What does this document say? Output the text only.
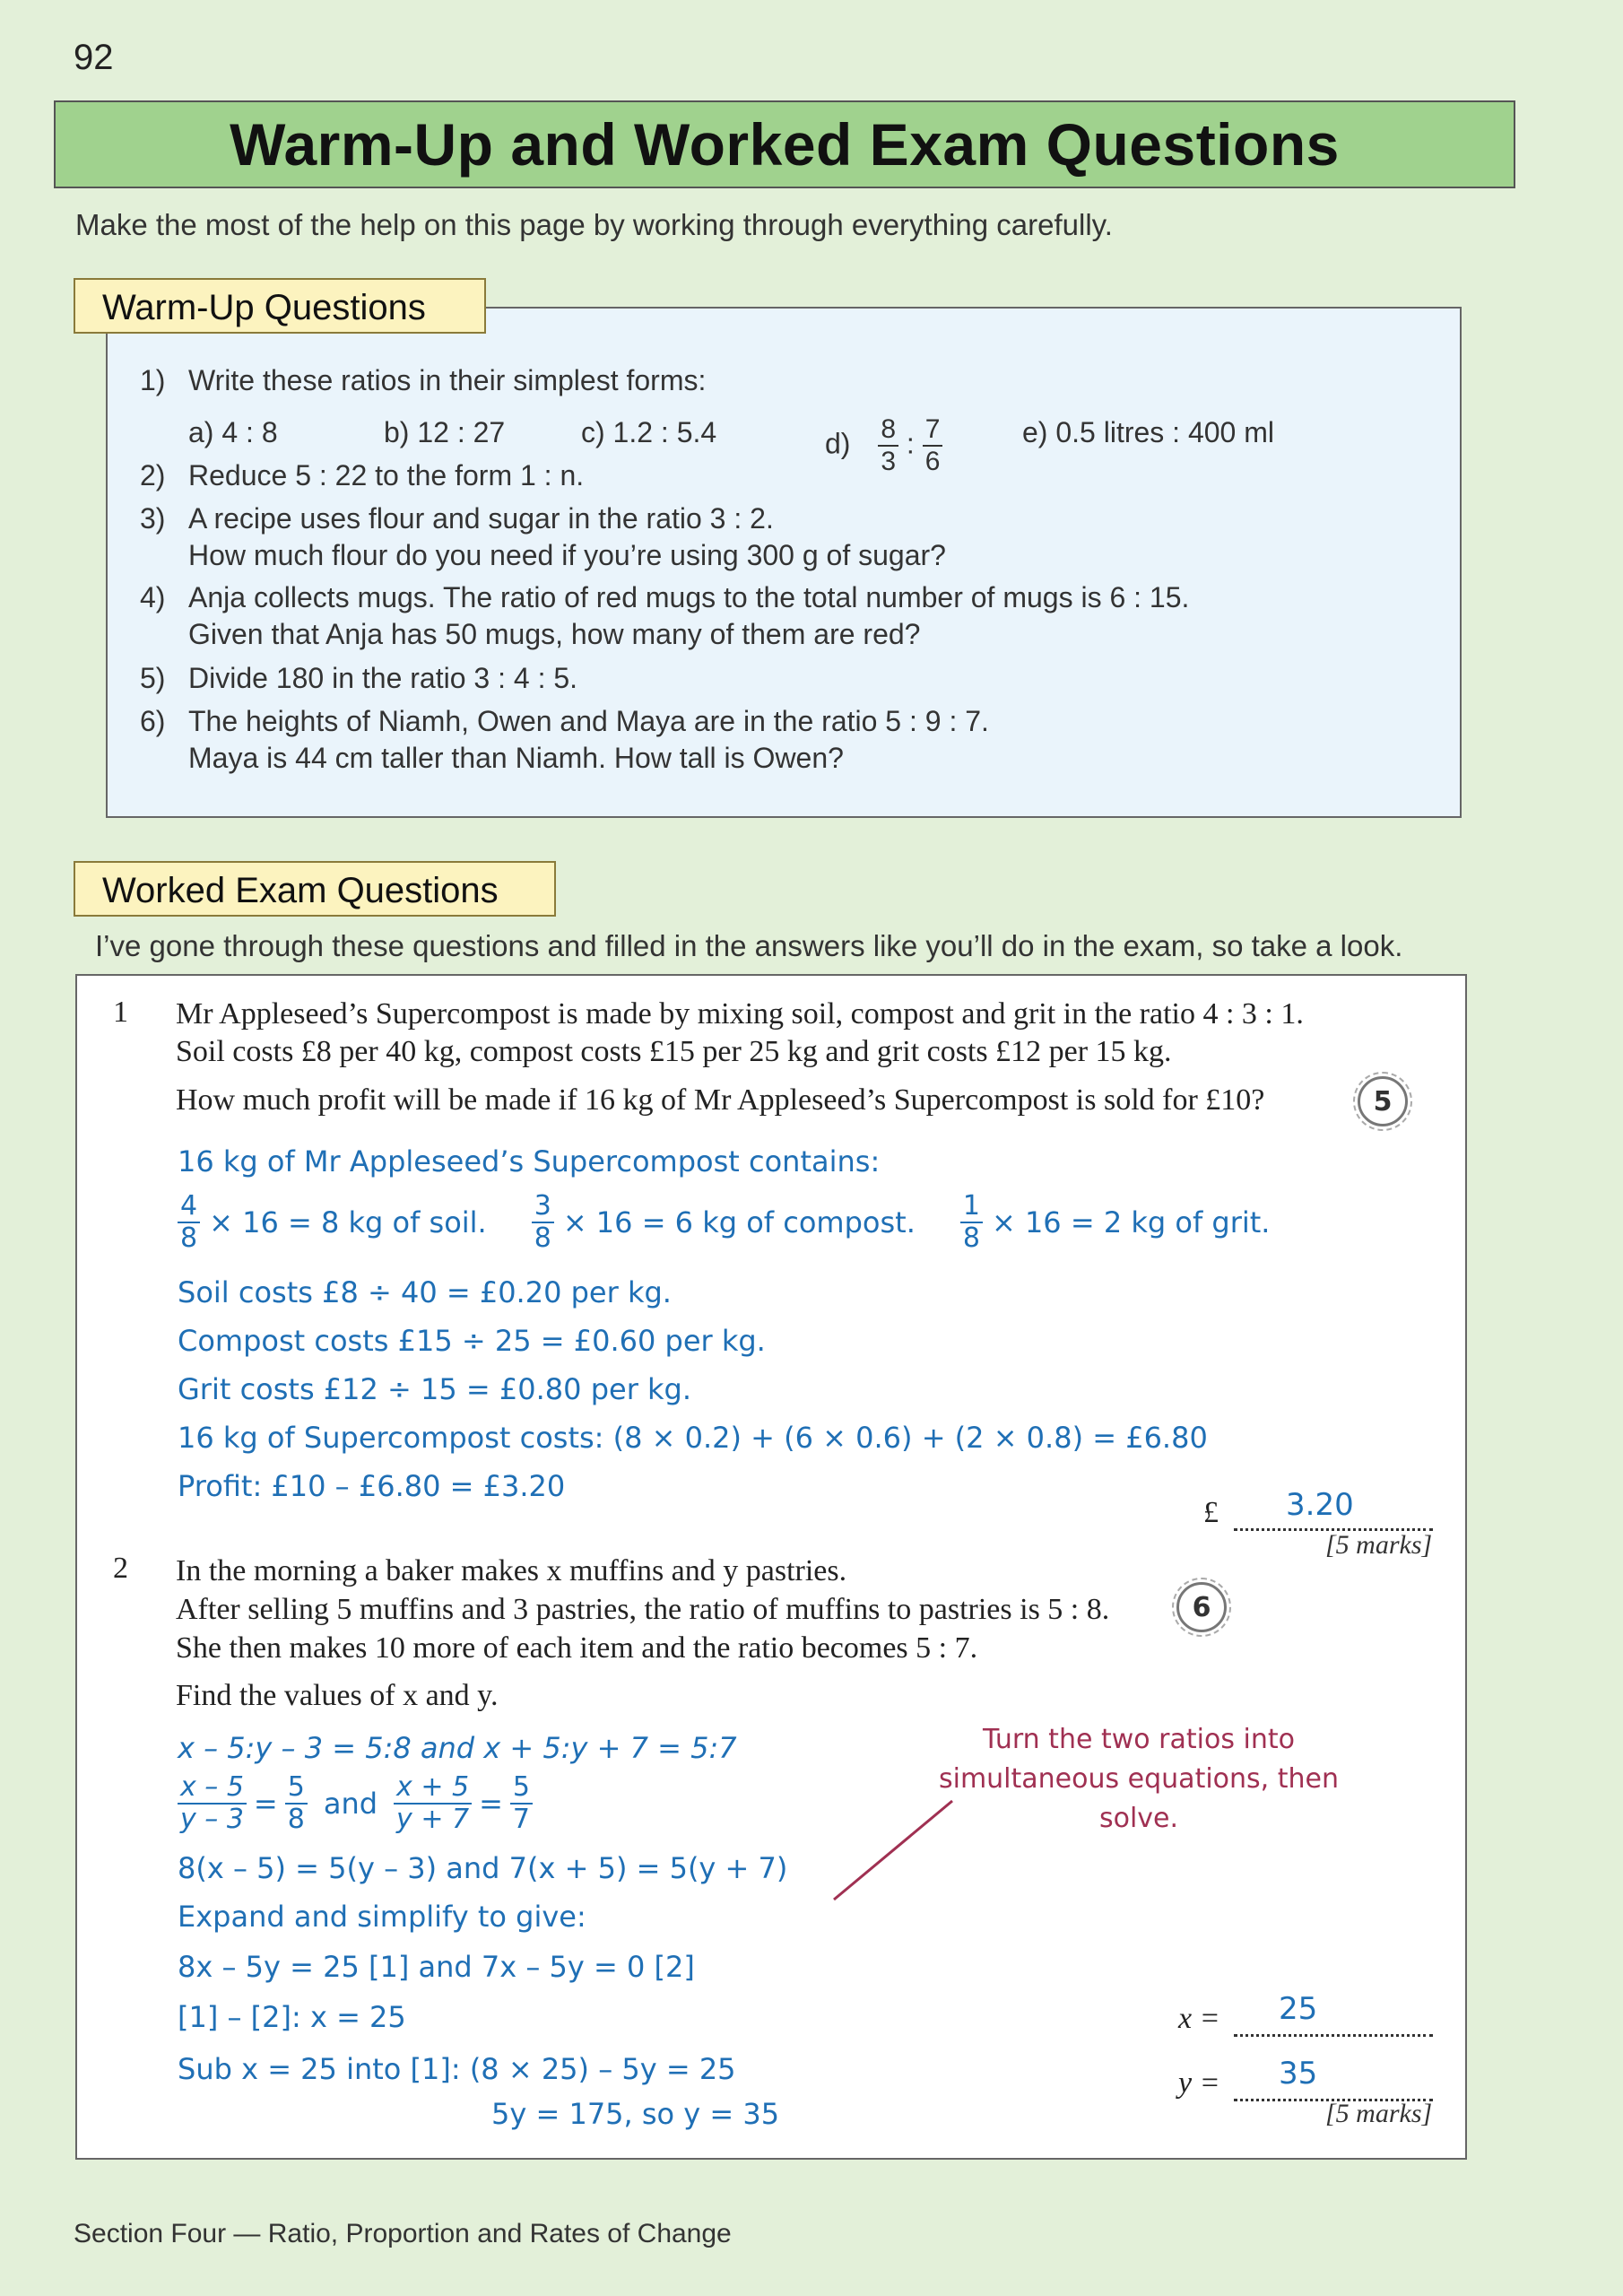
92
Warm-Up and Worked Exam Questions
Make the most of the help on this page by working through everything carefully.
Warm-Up Questions
1) Write these ratios in their simplest forms:
a) 4 : 8	b) 12 : 27	c) 1.2 : 5.4	$d) \frac{8}{3}$ : $\frac{7}{6}$	e) 0.5 litres : 400 ml
2) Reduce 5 : 22 to the form 1 : n.
3) A recipe uses flour and sugar in the ratio 3 : 2.
How much flour do you need if you’re using 300 g of sugar?
4) Anja collects mugs. The ratio of red mugs to the total number of mugs is 6 : 15.
Given that Anja has 50 mugs, how many of them are red?
5) Divide 180 in the ratio 3 : 4 : 5.
6) The heights of Niamh, Owen and Maya are in the ratio 5 : 9 : 7.
Maya is 44 cm taller than Niamh. How tall is Owen?
Worked Exam Questions
I’ve gone through these questions and filled in the answers like you’ll do in the exam, so take a look.
1 Mr Appleseed’s Supercompost is made by mixing soil, compost and grit in the ratio 4 : 3 : 1.
Soil costs £8 per 40 kg, compost costs £15 per 25 kg and grit costs £12 per 15 kg.
How much profit will be made if 16 kg of Mr Appleseed’s Supercompost is sold for £10?	5
16 kg of Mr Appleseed’s Supercompost contains:
$\frac{4}{8} \times 16 = 8$ kg of soil. $\frac{3}{8} \times 16 = 6$ kg of compost. $\frac{1}{8} \times 16 = 2$ kg of grit.
Soil costs £8 ÷ 40 = £0.20 per kg.
Compost costs £15 ÷ 25 = £0.60 per kg.
Grit costs £12 ÷ 15 = £0.80 per kg.
16 kg of Supercompost costs: (8 × 0.2) + (6 × 0.6) + (2 × 0.8) = £6.80
Profit: £10 – £6.80 = £3.20
£ 3.20
[5 marks]
2 In the morning a baker makes x muffins and y pastries.
After selling 5 muffins and 3 pastries, the ratio of muffins to pastries is 5 : 8.
She then makes 10 more of each item and the ratio becomes 5 : 7.
Find the values of x and y.
6
x – 5:y – 3 = 5:8 and x + 5:y + 7 = 5:7
$\frac{x - 5}{y - 3} = \frac{5}{8}$ and $\frac{x + 5}{y + 7} = \frac{5}{7}$
8(x – 5) = 5(y – 3) and 7(x + 5) = 5(y + 7)
Expand and simplify to give:
8x – 5y = 25 [1] and 7x – 5y = 0 [2]
[1] – [2]: x = 25
Sub x = 25 into [1]: (8 × 25) – 5y = 25
5y = 175, so y = 35
Turn the two ratios into
simultaneous equations, then solve.
x = 25
y = 35
[5 marks]
Section Four — Ratio, Proportion and Rates of Change
